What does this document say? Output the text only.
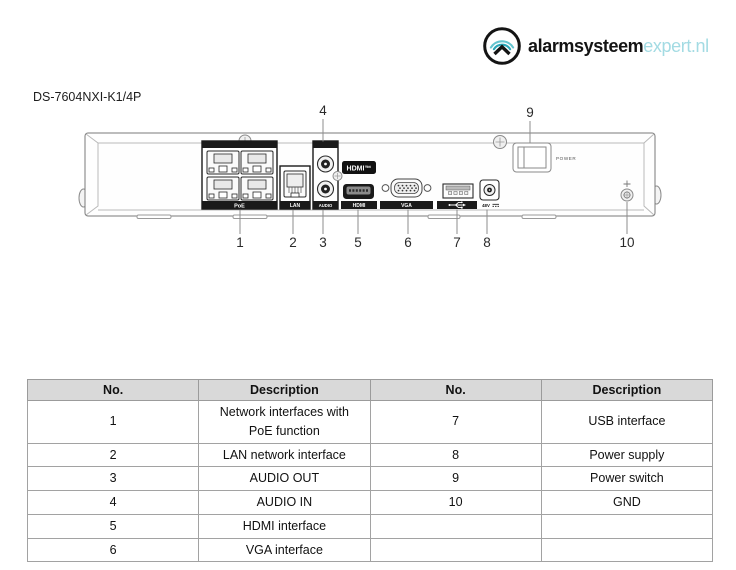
alarmsysteemexpert.nl
DS-7604NXI-K1/4P
PoE	LAN	AUDIO
HDMI™
HDMI	VGA	48V
POWER
4	9
1	2 3 5	6	7 8	10
No.	Description	No.	Description
1	Network interfaces with PoE function	7	USB interface
2	LAN network interface	8	Power supply
3	AUDIO OUT	9	Power switch
4	AUDIO IN	10	GND
5	HDMI interface		
6	VGA interface		
